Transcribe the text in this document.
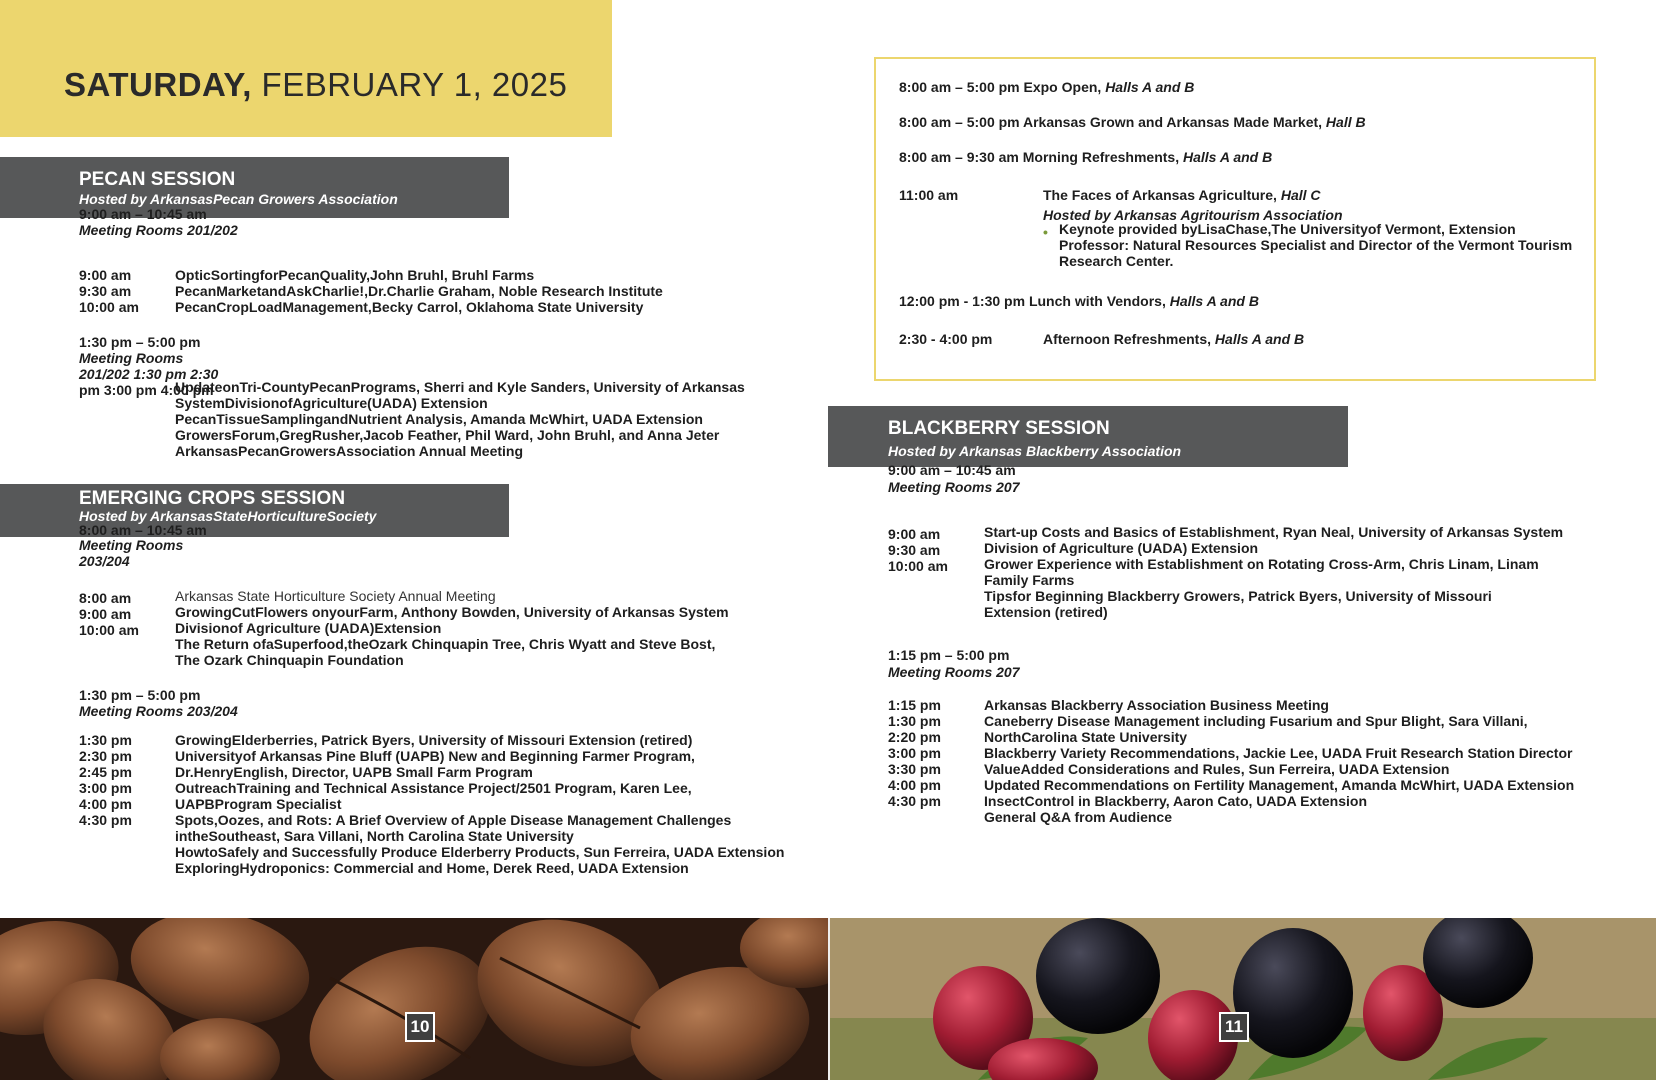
SATURDAY, FEBRUARY 1, 2025
PECAN SESSION
Hosted by ArkansasPecan Growers Association
9:00 am – 10:45 am
Meeting Rooms 201/202
9:00 am
9:30 am
10:00 am
OpticSortingforPecanQuality,John Bruhl, Bruhl Farms
PecanMarketandAskCharlie!,Dr.Charlie Graham, Noble Research Institute
PecanCropLoadManagement,Becky Carrol, Oklahoma State University
1:30 pm – 5:00 pm
Meeting Rooms
201/202 1:30 pm 2:30
pm 3:00 pm 4:00 pm
UpdateonTri-CountyPecanPrograms, Sherri and Kyle Sanders, University of Arkansas
SystemDivisionofAgriculture(UADA) Extension
PecanTissueSamplingandNutrient Analysis, Amanda McWhirt, UADA Extension
GrowersForum,GregRusher,Jacob Feather, Phil Ward, John Bruhl, and Anna Jeter
ArkansasPecanGrowersAssociation Annual Meeting
EMERGING CROPS SESSION
Hosted by ArkansasStateHorticultureSociety
8:00 am – 10:45 am
Meeting Rooms
203/204
8:00 am
9:00 am
10:00 am
Arkansas State Horticulture Society Annual Meeting
GrowingCutFlowers onyourFarm, Anthony Bowden, University of Arkansas System
Divisionof Agriculture (UADA)Extension
The Return ofaSuperfood,theOzark Chinquapin Tree, Chris Wyatt and Steve Bost,
The Ozark Chinquapin Foundation
1:30 pm – 5:00 pm
Meeting Rooms 203/204
1:30 pm
2:30 pm
2:45 pm
3:00 pm
4:00 pm
4:30 pm
GrowingElderberries, Patrick Byers, University of Missouri Extension (retired)
Universityof Arkansas Pine Bluff (UAPB) New and Beginning Farmer Program,
Dr.HenryEnglish, Director, UAPB Small Farm Program
OutreachTraining and Technical Assistance Project/2501 Program, Karen Lee,
UAPBProgram Specialist
Spots,Oozes, and Rots: A Brief Overview of Apple Disease Management Challenges
intheSoutheast, Sara Villani, North Carolina State University
HowtoSafely and Successfully Produce Elderberry Products, Sun Ferreira, UADA Extension
ExploringHydroponics: Commercial and Home, Derek Reed, UADA Extension
10
8:00 am – 5:00 pm Expo Open, Halls A and B
8:00 am – 5:00 pm Arkansas Grown and Arkansas Made Market, Hall B
8:00 am – 9:30 am Morning Refreshments, Halls A and B
11:00 am	The Faces of Arkansas Agriculture, Hall C
Hosted by Arkansas Agritourism Association
• Keynote provided byLisaChase,The Universityof Vermont, Extension
Professor: Natural Resources Specialist and Director of the Vermont Tourism
Research Center.
12:00 pm - 1:30 pm Lunch with Vendors, Halls A and B
2:30 - 4:00 pm	Afternoon Refreshments, Halls A and B
BLACKBERRY SESSION
Hosted by Arkansas Blackberry Association
9:00 am – 10:45 am
Meeting Rooms 207
9:00 am
9:30 am
10:00 am
Start-up Costs and Basics of Establishment, Ryan Neal, University of Arkansas System
Division of Agriculture (UADA) Extension
Grower Experience with Establishment on Rotating Cross-Arm, Chris Linam, Linam
Family Farms
Tipsfor Beginning Blackberry Growers, Patrick Byers, University of Missouri
Extension (retired)
1:15 pm – 5:00 pm
Meeting Rooms 207
1:15 pm
1:30 pm
2:20 pm
3:00 pm
3:30 pm
4:00 pm
4:30 pm
Arkansas Blackberry Association Business Meeting
Caneberry Disease Management including Fusarium and Spur Blight, Sara Villani,
NorthCarolina State University
Blackberry Variety Recommendations, Jackie Lee, UADA Fruit Research Station Director
ValueAdded Considerations and Rules, Sun Ferreira, UADA Extension
Updated Recommendations on Fertility Management, Amanda McWhirt, UADA Extension
InsectControl in Blackberry, Aaron Cato, UADA Extension
General Q&A from Audience
11
